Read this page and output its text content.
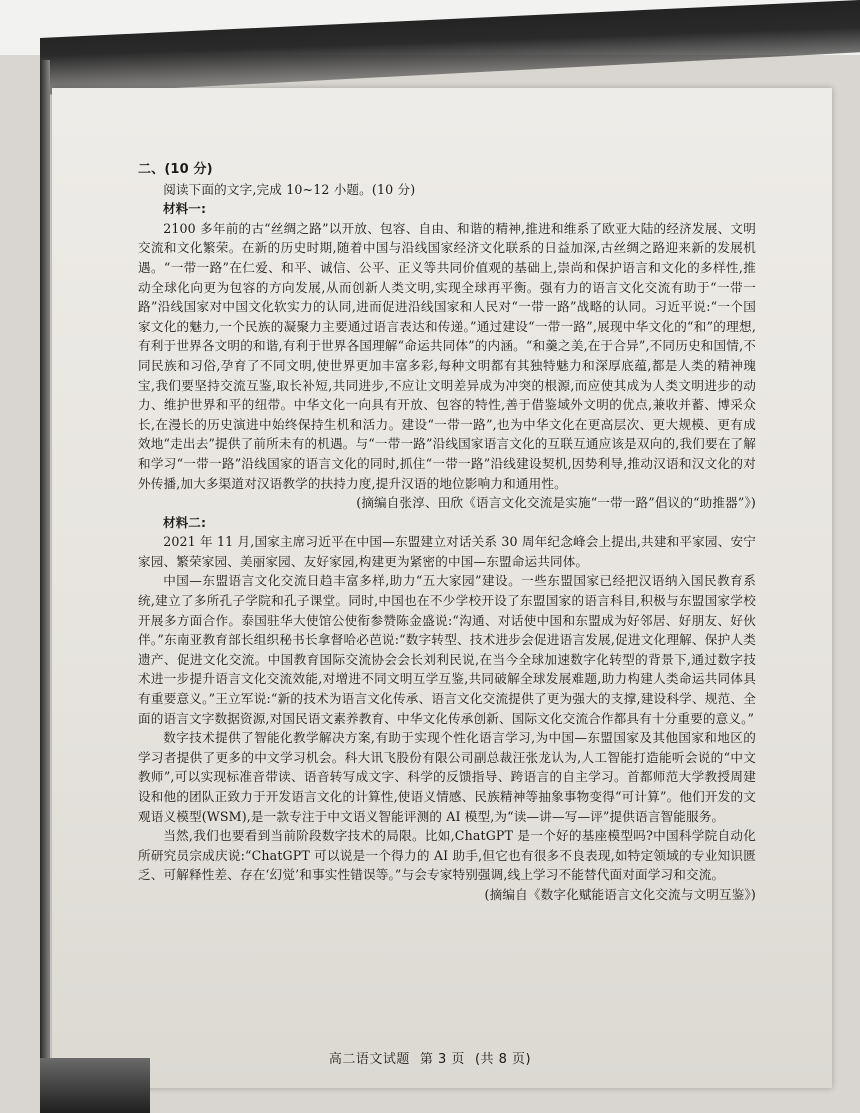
二、(10 分)

阅读下面的文字,完成 10~12 小题。(10 分)

材料一:

2100 多年前的古“丝绸之路”以开放、包容、自由、和谐的精神,推进和维系了欧亚大陆的经济发展、文明交流和文化繁荣。在新的历史时期,随着中国与沿线国家经济文化联系的日益加深,古丝绸之路迎来新的发展机遇。“一带一路”在仁爱、和平、诚信、公平、正义等共同价值观的基础上,崇尚和保护语言和文化的多样性,推动全球化向更为包容的方向发展,从而创新人类文明,实现全球再平衡。强有力的语言文化交流有助于“一带一路”沿线国家对中国文化软实力的认同,进而促进沿线国家和人民对“一带一路”战略的认同。习近平说:“一个国家文化的魅力,一个民族的凝聚力主要通过语言表达和传递。”通过建设“一带一路”,展现中华文化的“和”的理想,有利于世界各文明的和谐,有利于世界各国理解“命运共同体”的内涵。“和羹之美,在于合异”,不同历史和国情,不同民族和习俗,孕育了不同文明,使世界更加丰富多彩,每种文明都有其独特魅力和深厚底蕴,都是人类的精神瑰宝,我们要坚持交流互鉴,取长补短,共同进步,不应让文明差异成为冲突的根源,而应使其成为人类文明进步的动力、维护世界和平的纽带。中华文化一向具有开放、包容的特性,善于借鉴域外文明的优点,兼收并蓄、博采众长,在漫长的历史演进中始终保持生机和活力。建设“一带一路”,也为中华文化在更高层次、更大规模、更有成效地“走出去”提供了前所未有的机遇。与“一带一路”沿线国家语言文化的互联互通应该是双向的,我们要在了解和学习“一带一路”沿线国家的语言文化的同时,抓住“一带一路”沿线建设契机,因势利导,推动汉语和汉文化的对外传播,加大多渠道对汉语教学的扶持力度,提升汉语的地位影响力和通用性。

(摘编自张淳、田欣《语言文化交流是实施“一带一路”倡议的“助推器”》)

材料二:

2021 年 11 月,国家主席习近平在中国—东盟建立对话关系 30 周年纪念峰会上提出,共建和平家园、安宁家园、繁荣家园、美丽家园、友好家园,构建更为紧密的中国—东盟命运共同体。

中国—东盟语言文化交流日趋丰富多样,助力“五大家园”建设。一些东盟国家已经把汉语纳入国民教育系统,建立了多所孔子学院和孔子课堂。同时,中国也在不少学校开设了东盟国家的语言科目,积极与东盟国家学校开展多方面合作。泰国驻华大使馆公使衔参赞陈金盛说:“沟通、对话使中国和东盟成为好邻居、好朋友、好伙伴。”东南亚教育部长组织秘书长拿督哈必芭说:“数字转型、技术进步会促进语言发展,促进文化理解、保护人类遗产、促进文化交流。中国教育国际交流协会会长刘利民说,在当今全球加速数字化转型的背景下,通过数字技术进一步提升语言文化交流效能,对增进不同文明互学互鉴,共同破解全球发展难题,助力构建人类命运共同体具有重要意义。”王立军说:“新的技术为语言文化传承、语言文化交流提供了更为强大的支撑,建设科学、规范、全面的语言文字数据资源,对国民语文素养教育、中华文化传承创新、国际文化交流合作都具有十分重要的意义。”

数字技术提供了智能化教学解决方案,有助于实现个性化语言学习,为中国—东盟国家及其他国家和地区的学习者提供了更多的中文学习机会。科大讯飞股份有限公司副总裁汪张龙认为,人工智能打造能听会说的“中文教师”,可以实现标准音带读、语音转写成文字、科学的反馈指导、跨语言的自主学习。首都师范大学教授周建设和他的团队正致力于开发语言文化的计算性,使语义情感、民族精神等抽象事物变得“可计算”。他们开发的文观语义模型(WSM),是一款专注于中文语义智能评测的 AI 模型,为“读—讲—写—评”提供语言智能服务。

当然,我们也要看到当前阶段数字技术的局限。比如,ChatGPT 是一个好的基座模型吗?中国科学院自动化所研究员宗成庆说:“ChatGPT 可以说是一个得力的 AI 助手,但它也有很多不良表现,如特定领域的专业知识匮乏、可解释性差、存在‘幻觉’和事实性错误等。”与会专家特别强调,线上学习不能替代面对面学习和交流。

(摘编自《数字化赋能语言文化交流与文明互鉴》)

高二语文试题 第 3 页 (共 8 页)
